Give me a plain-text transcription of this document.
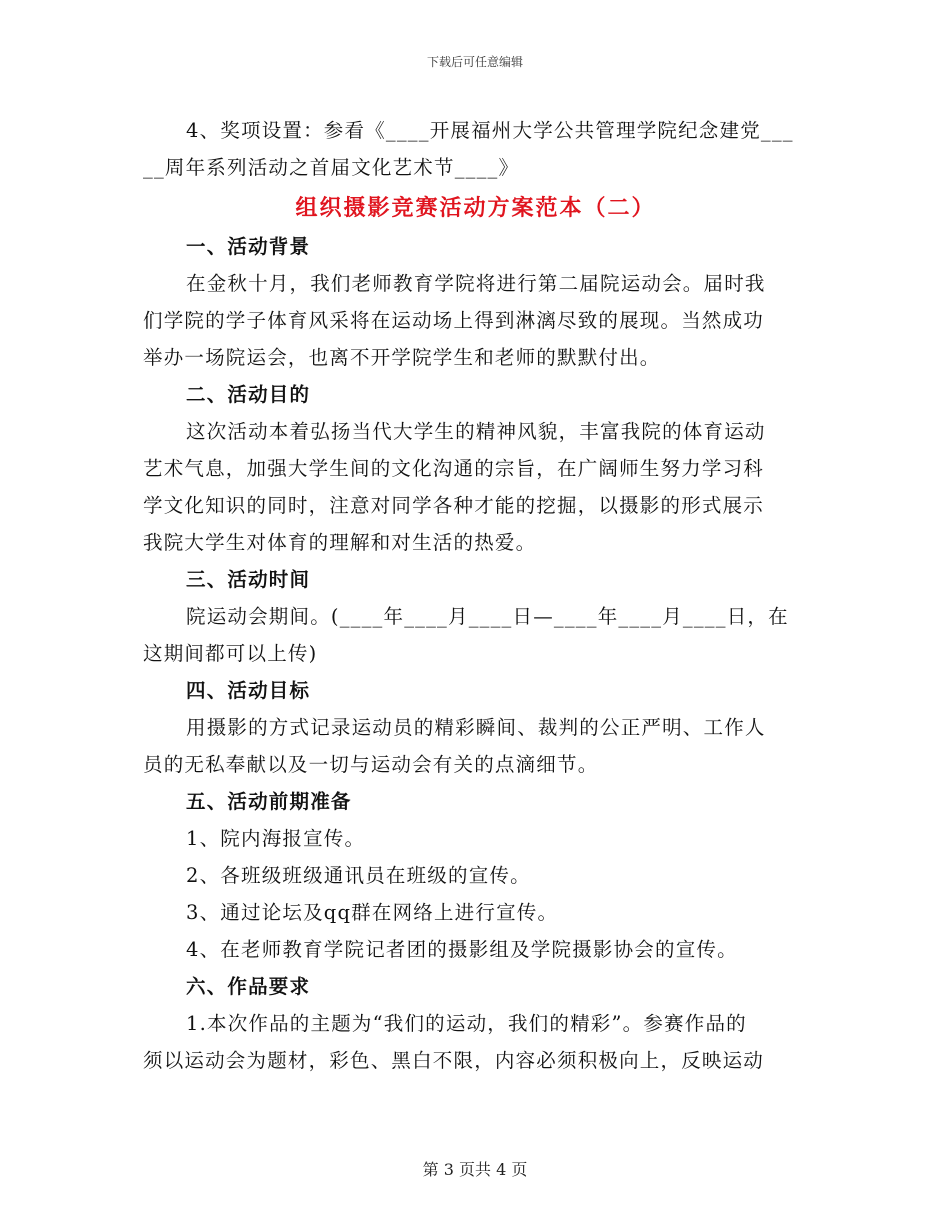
下载后可任意编辑
4、奖项设置：参看《____开展福州大学公共管理学院纪念建党___
__周年系列活动之首届文化艺术节____》
组织摄影竞赛活动方案范本（二）
一、活动背景
在金秋十月，我们老师教育学院将进行第二届院运动会。届时我
们学院的学子体育风采将在运动场上得到淋漓尽致的展现。当然成功
举办一场院运会，也离不开学院学生和老师的默默付出。
二、活动目的
这次活动本着弘扬当代大学生的精神风貌，丰富我院的体育运动
艺术气息，加强大学生间的文化沟通的宗旨，在广阔师生努力学习科
学文化知识的同时，注意对同学各种才能的挖掘，以摄影的形式展示
我院大学生对体育的理解和对生活的热爱。
三、活动时间
院运动会期间。(____年____月____日—____年____月____日，在
这期间都可以上传)
四、活动目标
用摄影的方式记录运动员的精彩瞬间、裁判的公正严明、工作人
员的无私奉献以及一切与运动会有关的点滴细节。
五、活动前期准备
1、院内海报宣传。
2、各班级班级通讯员在班级的宣传。
3、通过论坛及qq群在网络上进行宣传。
4、在老师教育学院记者团的摄影组及学院摄影协会的宣传。
六、作品要求
1.本次作品的主题为“我们的运动，我们的精彩”。参赛作品的
须以运动会为题材，彩色、黑白不限，内容必须积极向上，反映运动
第 3 页共 4 页
